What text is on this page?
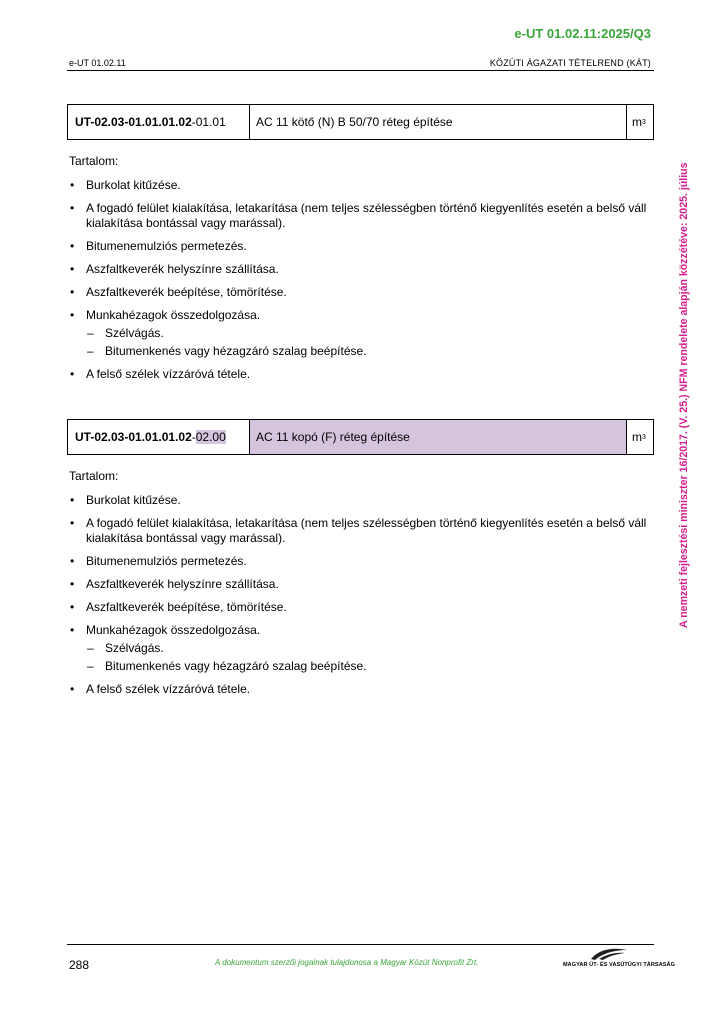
e-UT 01.02.11:2025/Q3
e-UT 01.02.11	KÖZÚTI ÁGAZATI TÉTELREND (KÁT)
A nemzeti fejlesztési miniszter 16/2017. (V. 25.) NFM rendelete alapján közzétéve: 2025. július
UT-02.03-01.01.01.02 - 01.01	AC 11 kötő (N) B 50/70 réteg építése	m 3
Tartalom:
• Burkolat kitűzése.
• A fogadó felület kialakítása, letakarítása (nem teljes szélességben történő kiegyenlítés esetén a belső váll kialakítása bontással vagy marással).
• Bitumenemulziós permetezés.
• Aszfaltkeverék helyszínre szállítása.
• Aszfaltkeverék beépítése, tömörítése.
• Munkahézagok összedolgozása.
– Szélvágás.
– Bitumenkenés vagy hézagzáró szalag beépítése.
• A felső szélek vízzáróvá tétele.
UT-02.03-01.01.01.02 - 02.00	AC 11 kopó (F) réteg építése	m 3
Tartalom:
• Burkolat kitűzése.
• A fogadó felület kialakítása, letakarítása (nem teljes szélességben történő kiegyenlítés esetén a belső váll kialakítása bontással vagy marással).
• Bitumenemulziós permetezés.
• Aszfaltkeverék helyszínre szállítása.
• Aszfaltkeverék beépítése, tömörítése.
• Munkahézagok összedolgozása.
– Szélvágás.
– Bitumenkenés vagy hézagzáró szalag beépítése.
• A felső szélek vízzáróvá tétele.
288	A dokumentum szerzői jogainak tulajdonosa a Magyar Közút Nonprofit Zrt.	MAGYAR ÚT- ÉS VASÚTÜGYI TÁRSASÁG
